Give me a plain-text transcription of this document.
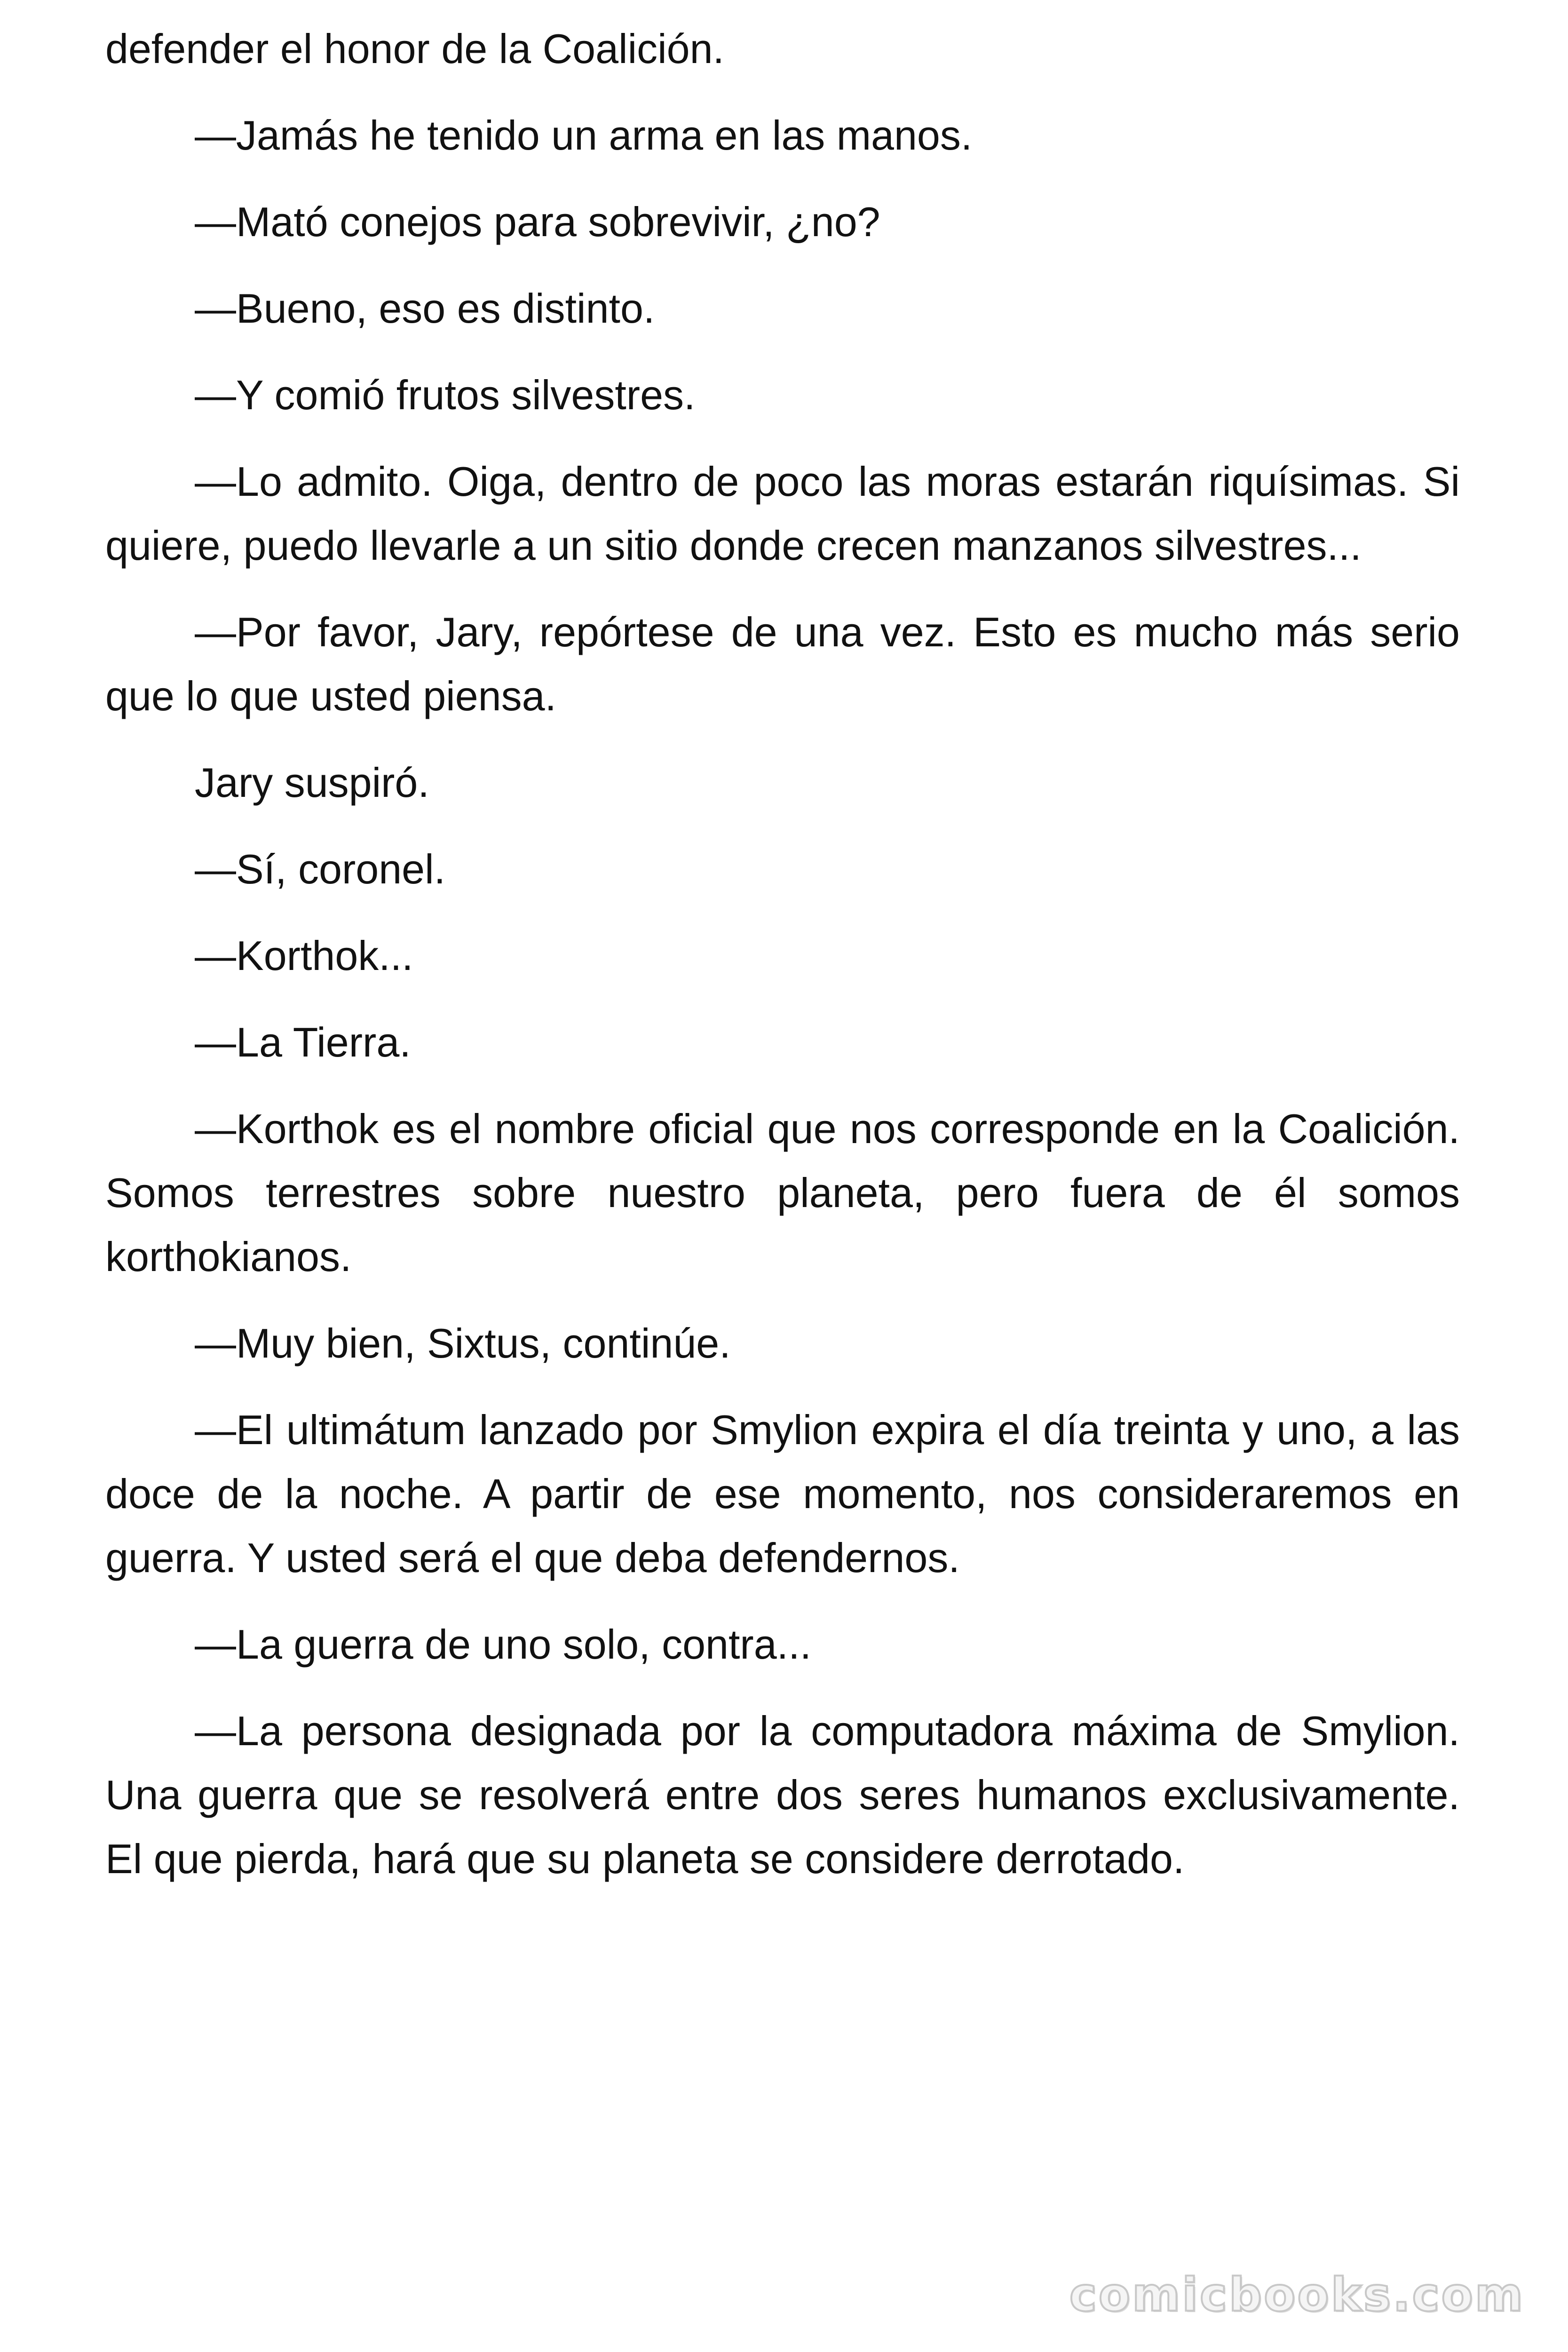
defender el honor de la Coalición.

—Jamás he tenido un arma en las manos.

—Mató conejos para sobrevivir, ¿no?

—Bueno, eso es distinto.

—Y comió frutos silvestres.

—Lo admito. Oiga, dentro de poco las moras estarán riquísimas. Si quiere, puedo llevarle a un sitio donde crecen manzanos silvestres...

—Por favor, Jary, repórtese de una vez. Esto es mucho más serio que lo que usted piensa.

Jary suspiró.

—Sí, coronel.

—Korthok...

—La Tierra.

—Korthok es el nombre oficial que nos corresponde en la Coalición. Somos terrestres sobre nuestro planeta, pero fuera de él somos korthokianos.

—Muy bien, Sixtus, continúe.

—El ultimátum lanzado por Smylion expira el día treinta y uno, a las doce de la noche. A partir de ese momento, nos consideraremos en guerra. Y usted será el que deba defendernos.

—La guerra de uno solo, contra...

—La persona designada por la computadora máxima de Smylion. Una guerra que se resolverá entre dos seres humanos exclusivamente. El que pierda, hará que su planeta se considere derrotado.

comicbooks.com
